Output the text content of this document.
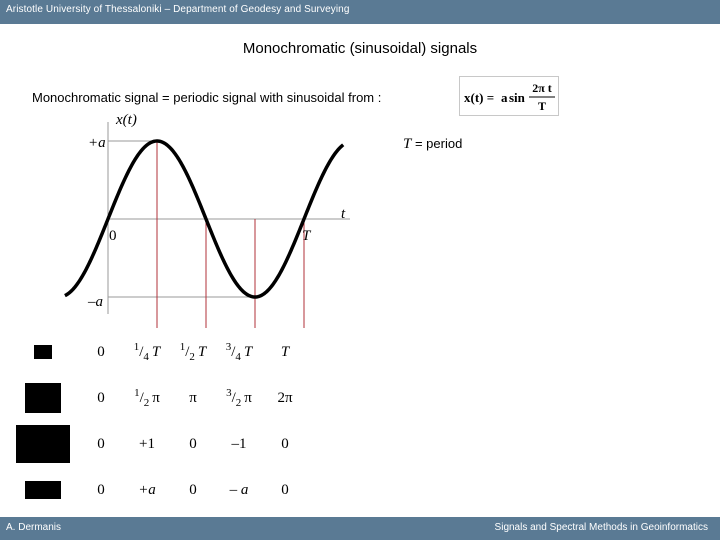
Aristotle University of Thessaloniki – Department of Geodesy and Surveying
Monochromatic (sinusoidal) signals
Monochromatic signal = periodic signal with sinusoidal from :	x(t) = a sin
2π t
T
x(t)
+a	T = period
t
0	T
–a
	0	$^1/_4$ T	$^1/_2$ T	$^3/_4$ T	T

	0	$^1/_2$ π	π	$^3/_2$ π	2π

	0	+1	0	–1	0

	0	+a	0	– a	0
A. Dermanis	Signals and Spectral Methods in Geoinformatics
